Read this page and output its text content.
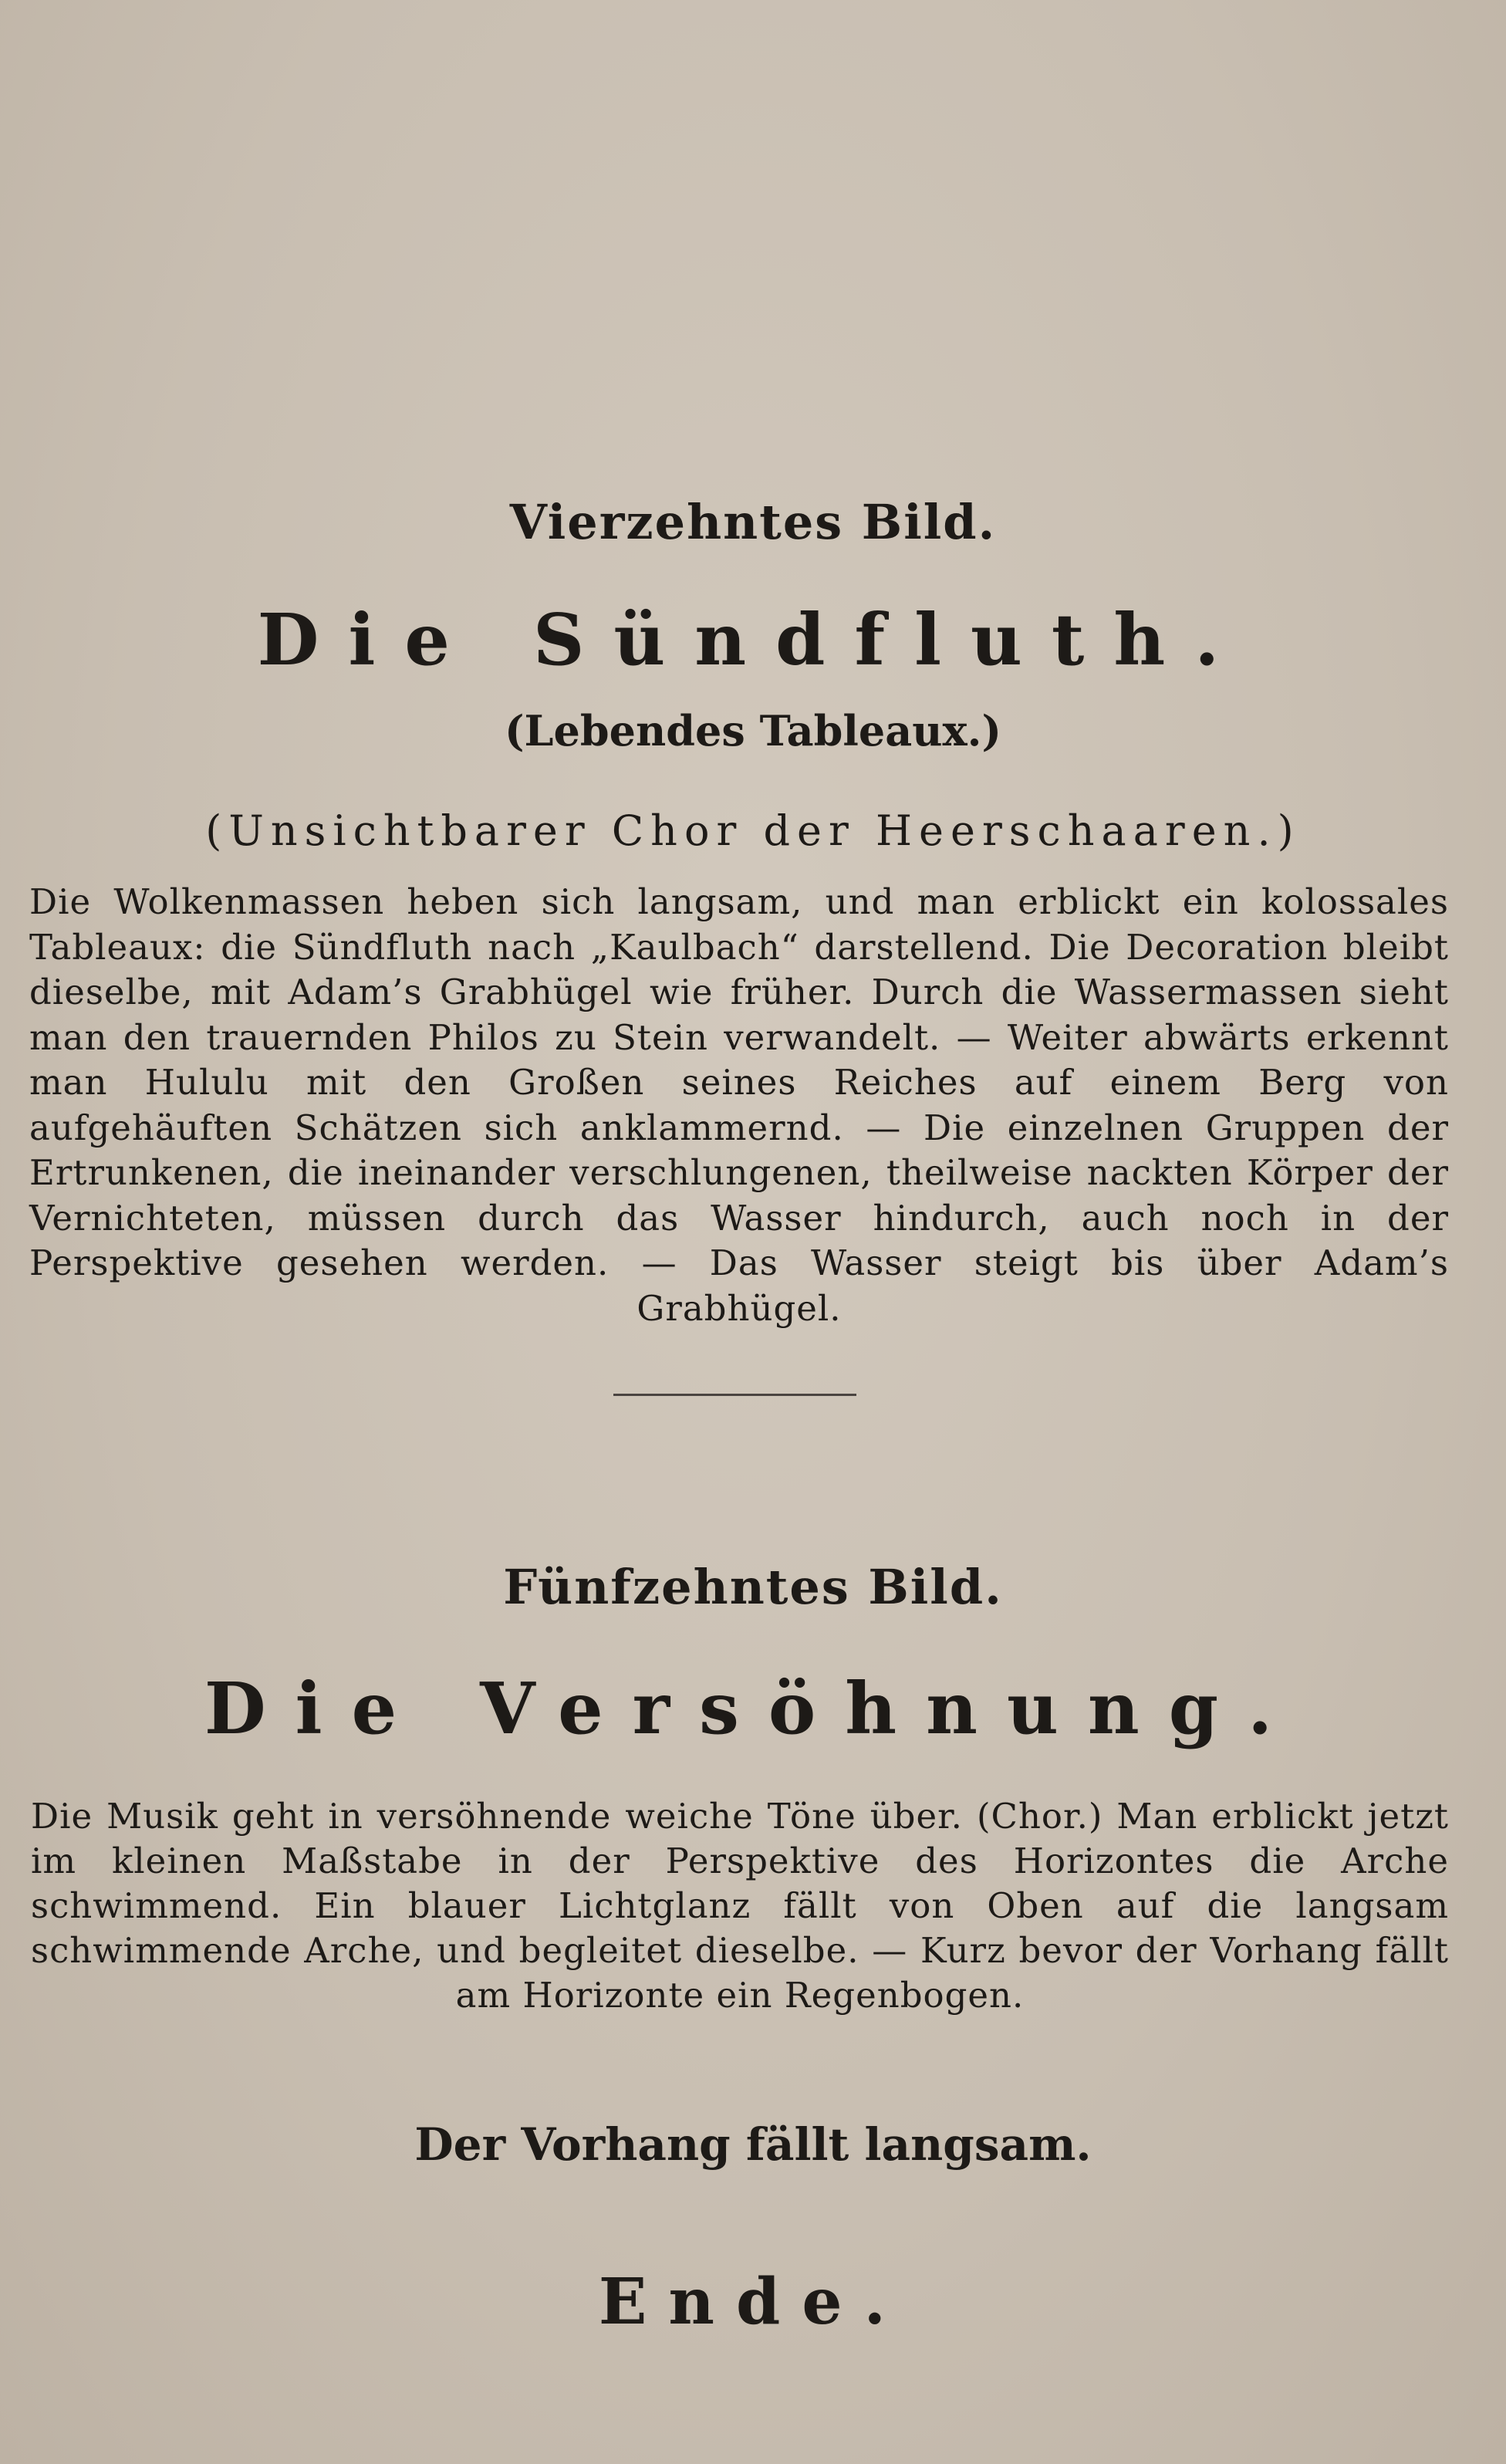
Vierzehntes Bild.
Die Sündfluth.
(Lebendes Tableaux.)
(Unsichtbarer Chor der Heerschaaren.)
Die Wolkenmassen heben sich langsam, und man erblickt ein kolossales Tableaux: die Sündfluth nach „Kaulbach“ darstellend. Die Decoration bleibt dieselbe, mit Adam’s Grabhügel wie früher. Durch die Wassermassen sieht man den trauernden Philos zu Stein verwandelt. — Weiter abwärts erkennt man Hululu mit den Großen seines Reiches auf einem Berg von aufgehäuften Schätzen sich anklammernd. — Die einzelnen Gruppen der Ertrunkenen, die ineinander verschlungenen, theilweise nackten Körper der Vernichteten, müssen durch das Wasser hindurch, auch noch in der Perspektive gesehen werden. — Das Wasser steigt bis über Adam’s Grabhügel.
Fünfzehntes Bild.
Die Versöhnung.
Die Musik geht in versöhnende weiche Töne über. (Chor.) Man erblickt jetzt im kleinen Maßstabe in der Perspektive des Horizontes die Arche schwimmend. Ein blauer Lichtglanz fällt von Oben auf die langsam schwimmende Arche, und begleitet dieselbe. — Kurz bevor der Vorhang fällt am Horizonte ein Regenbogen.
Der Vorhang fällt langsam.
Ende.
